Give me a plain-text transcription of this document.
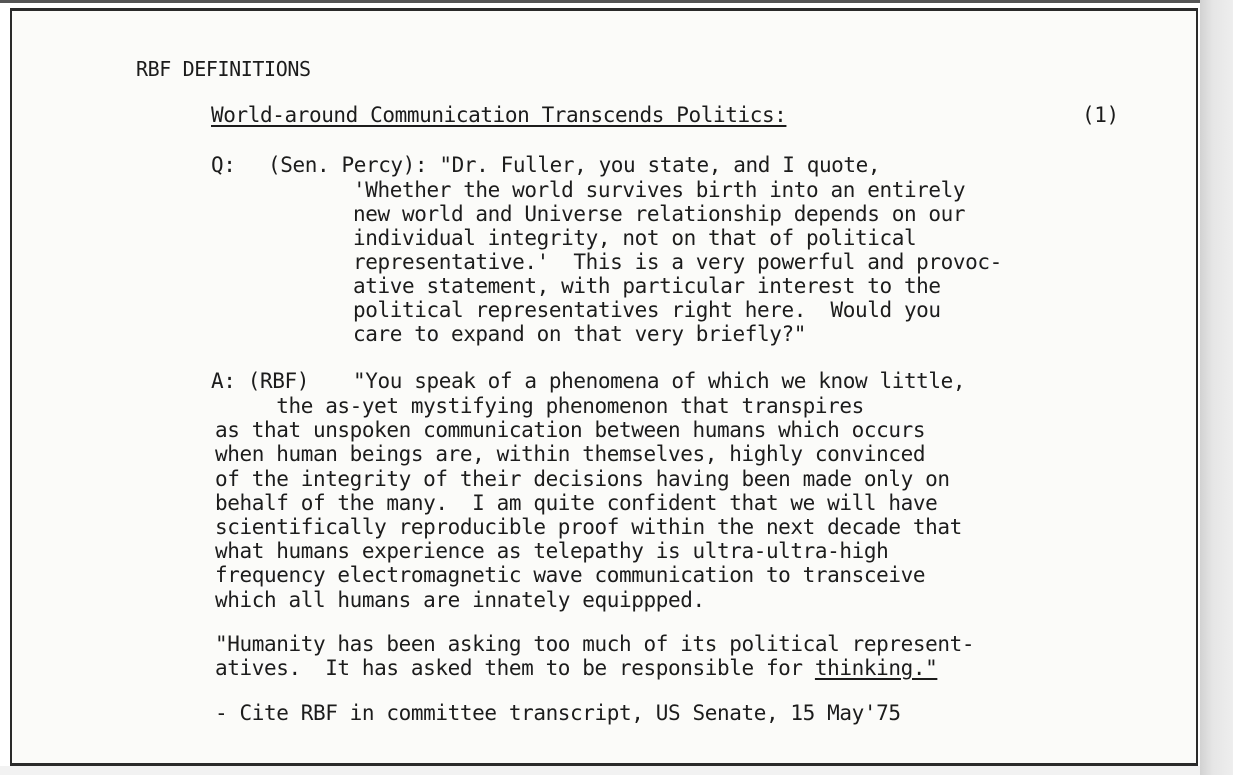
RBF DEFINITIONS
World-around Communication Transcends Politics:	(1)
Q: (Sen. Percy): "Dr. Fuller, you state, and I quote,
'Whether the world survives birth into an entirely
new world and Universe relationship depends on our
individual integrity, not on that of political
representative.'  This is a very powerful and provoc-
ative statement, with particular interest to the
political representatives right here.  Would you
care to expand on that very briefly?"
A: (RBF) "You speak of a phenomena of which we know little,
the as-yet mystifying phenomenon that transpires
as that unspoken communication between humans which occurs
when human beings are, within themselves, highly convinced
of the integrity of their decisions having been made only on
behalf of the many.  I am quite confident that we will have
scientifically reproducible proof within the next decade that
what humans experience as telepathy is ultra-ultra-high
frequency electromagnetic wave communication to transceive
which all humans are innately equippped.
"Humanity has been asking too much of its political represent-
atives.  It has asked them to be responsible for thinking."
- Cite RBF in committee transcript, US Senate, 15 May'75
